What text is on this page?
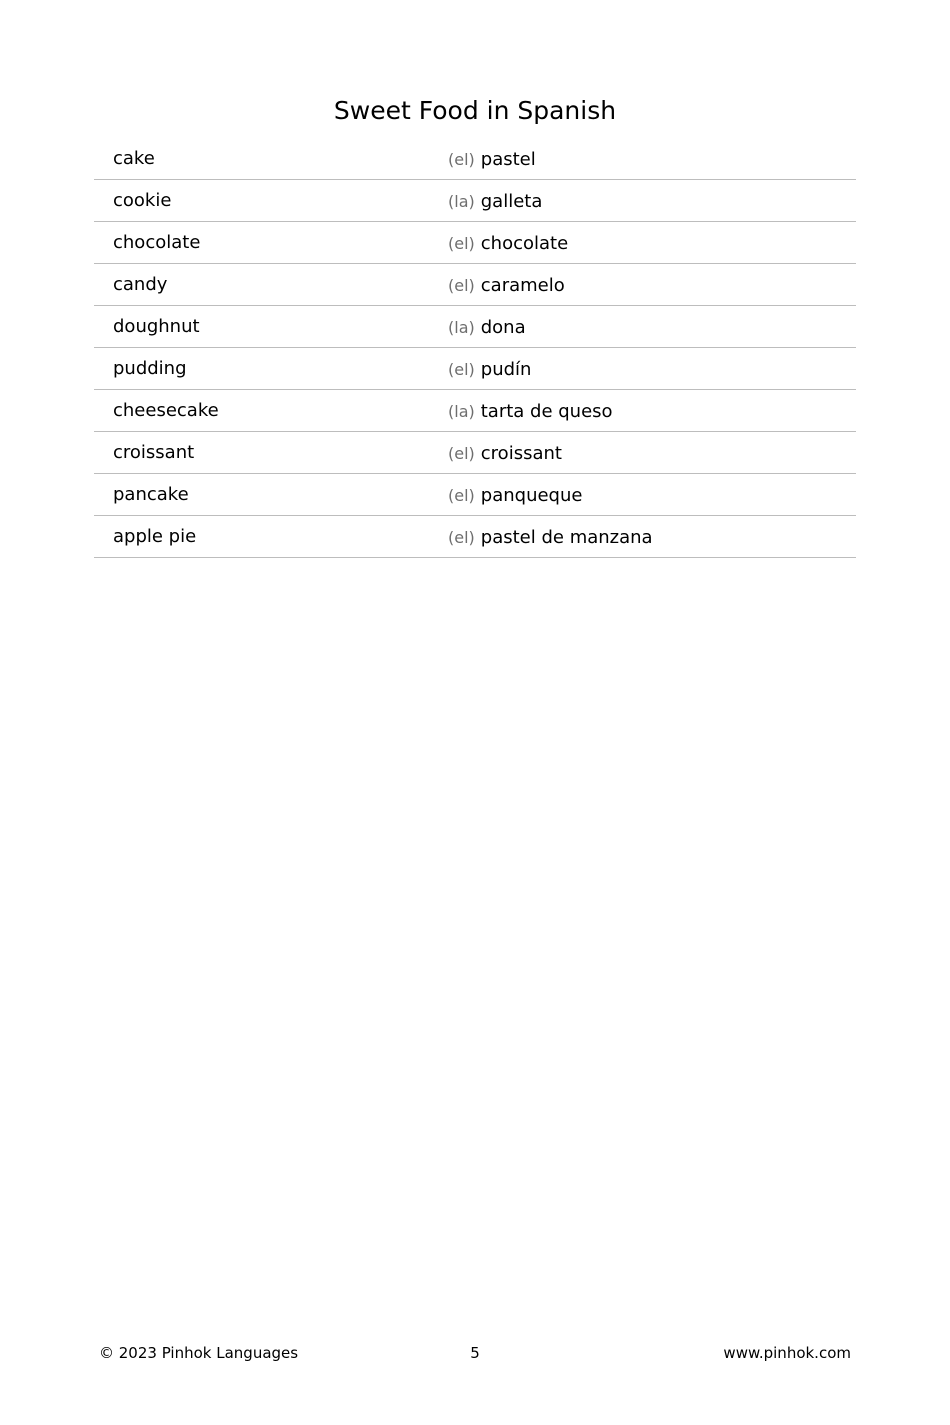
Sweet Food in Spanish
cake	(el) pastel
cookie	(la) galleta
chocolate	(el) chocolate
candy	(el) caramelo
doughnut	(la) dona
pudding	(el) pudín
cheesecake	(la) tarta de queso
croissant	(el) croissant
pancake	(el) panqueque
apple pie	(el) pastel de manzana
© 2023 Pinhok Languages	5	www.pinhok.com
